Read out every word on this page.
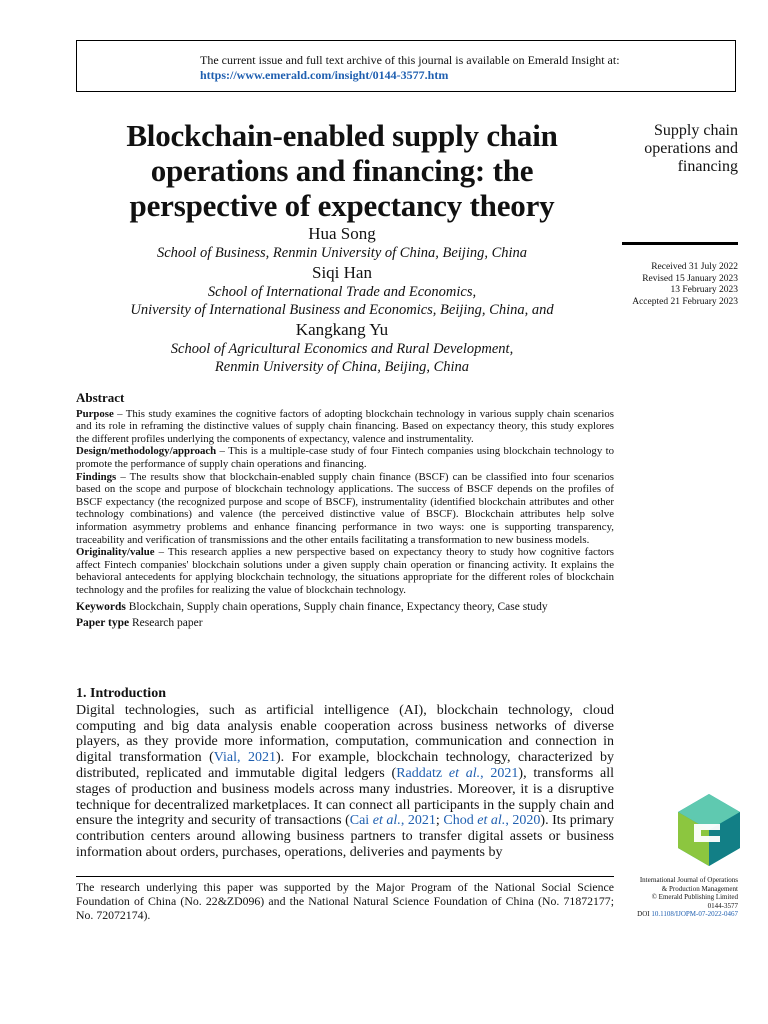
The current issue and full text archive of this journal is available on Emerald Insight at:
https://www.emerald.com/insight/0144-3577.htm
Blockchain-enabled supply chain
operations and financing: the
perspective of expectancy theory
Hua Song
School of Business, Renmin University of China, Beijing, China
Siqi Han
School of International Trade and Economics,
University of International Business and Economics, Beijing, China, and
Kangkang Yu
School of Agricultural Economics and Rural Development,
Renmin University of China, Beijing, China
Supply chain
operations and
financing
Received 31 July 2022
Revised 15 January 2023
13 February 2023
Accepted 21 February 2023
Abstract

Purpose – This study examines the cognitive factors of adopting blockchain technology in various supply chain scenarios and its role in reframing the distinctive values of supply chain financing. Based on expectancy theory, this study explores the different profiles underlying the components of expectancy, valence and instrumentality.

Design/methodology/approach – This is a multiple-case study of four Fintech companies using blockchain technology to promote the performance of supply chain operations and financing.

Findings – The results show that blockchain-enabled supply chain finance (BSCF) can be classified into four scenarios based on the scope and purpose of blockchain technology applications. The success of BSCF depends on the profiles of BSCF expectancy (the recognized purpose and scope of BSCF), instrumentality (identified blockchain attributes and other technology combinations) and valence (the perceived distinctive value of BSCF). Blockchain attributes help solve information asymmetry problems and enhance financing performance in two ways: one is supporting transparency, traceability and verification of transmissions and the other entails facilitating a transformation to new business models.

Originality/value – This research applies a new perspective based on expectancy theory to study how cognitive factors affect Fintech companies' blockchain solutions under a given supply chain operation or financing activity. It explains the behavioral antecedents for applying blockchain technology, the situations appropriate for the different roles of blockchain technology and the profiles for realizing the value of blockchain technology.

Keywords Blockchain, Supply chain operations, Supply chain finance, Expectancy theory, Case study

Paper type Research paper

1. Introduction

Digital technologies, such as artificial intelligence (AI), blockchain technology, cloud computing and big data analysis enable cooperation across business networks of diverse players, as they provide more information, computation, communication and connection in digital transformation (Vial, 2021). For example, blockchain technology, characterized by distributed, replicated and immutable digital ledgers (Raddatz et al., 2021), transforms all stages of production and business models across many industries. Moreover, it is a disruptive technique for decentralized marketplaces. It can connect all participants in the supply chain and ensure the integrity and security of transactions (Cai et al., 2021; Chod et al., 2020). Its primary contribution centers around allowing business partners to transfer digital assets or business information about orders, purchases, operations, deliveries and payments by

The research underlying this paper was supported by the Major Program of the National Social Science Foundation of China (No. 22&ZD096) and the National Natural Science Foundation of China (No. 71872177; No. 72072174).
International Journal of Operations
& Production Management
© Emerald Publishing Limited
0144-3577
DOI 10.1108/IJOPM-07-2022-0467
